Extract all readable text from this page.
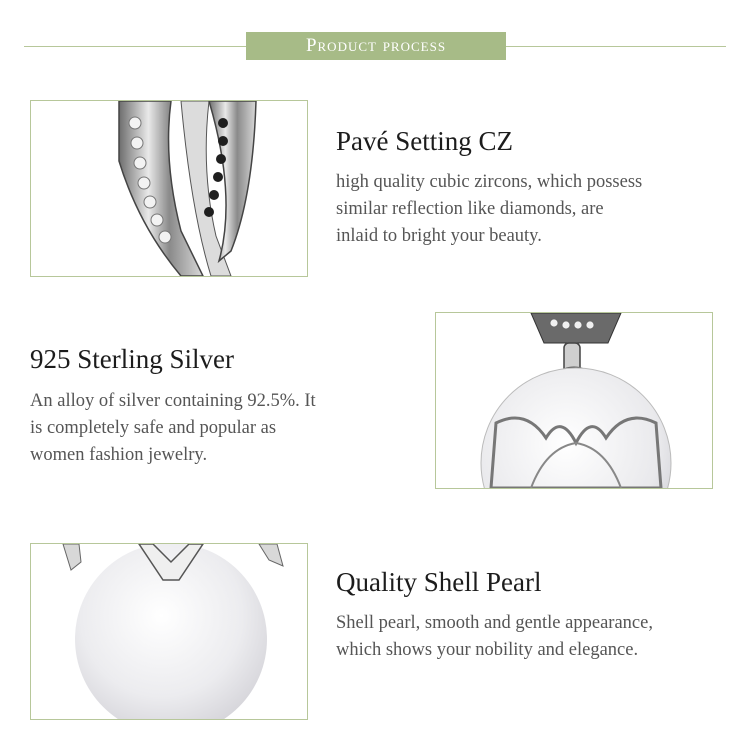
Product process
Pavé Setting CZ
high quality cubic zircons, which possess
similar reflection like diamonds, are
inlaid to bright your beauty.
925 Sterling Silver
An alloy of silver containing 92.5%. It
is completely safe and popular as
women fashion jewelry.
Quality Shell Pearl
Shell pearl, smooth and gentle appearance,
which shows your nobility and elegance.
